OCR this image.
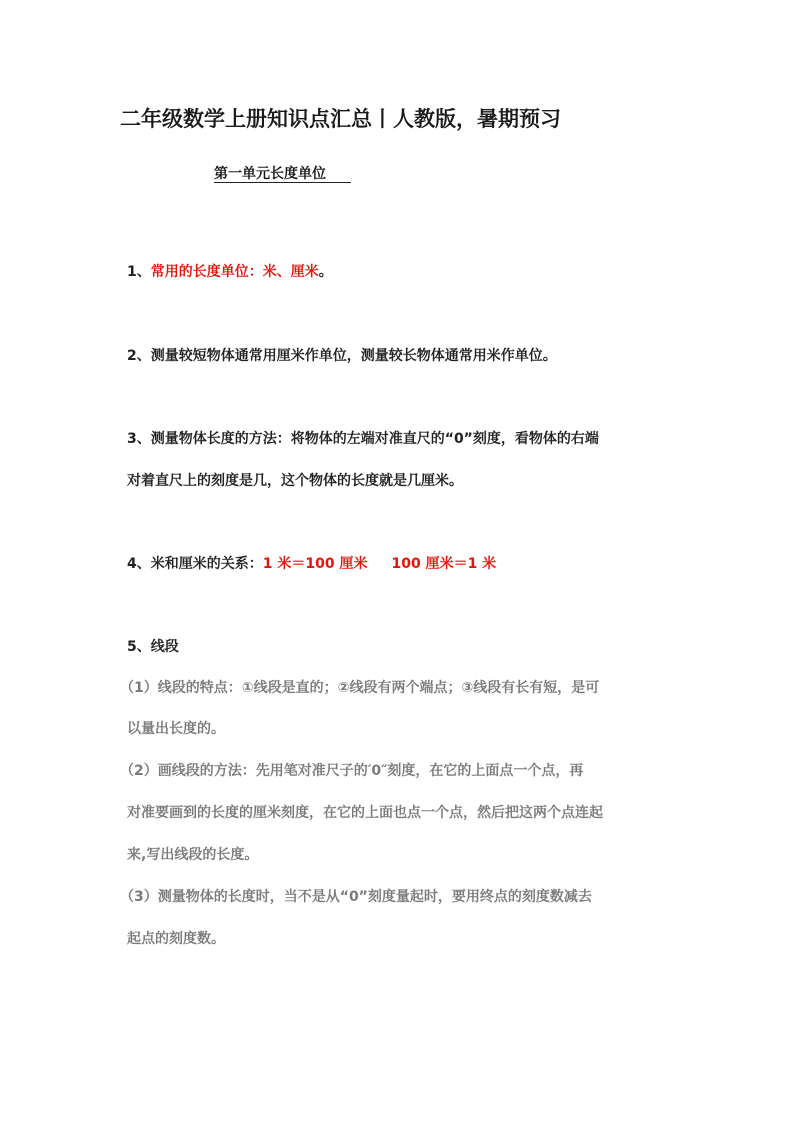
二年级数学上册知识点汇总丨人教版，暑期预习
第一单元长度单位
1、常用的长度单位：米、厘米。
2、测量较短物体通常用厘米作单位，测量较长物体通常用米作单位。
3、测量物体长度的方法：将物体的左端对准直尺的“0”刻度，看物体的右端
对着直尺上的刻度是几，这个物体的长度就是几厘米。
4、米和厘米的关系：1 米＝100 厘米 100 厘米＝1 米
5、线段
（1）线段的特点：①线段是直的；②线段有两个端点；③线段有长有短，是可
以量出长度的。
（2）画线段的方法：先用笔对准尺子的′0″刻度，在它的上面点一个点，再
对准要画到的长度的厘米刻度，在它的上面也点一个点，然后把这两个点连起
来,写出线段的长度。
（3）测量物体的长度时，当不是从“0”刻度量起时，要用终点的刻度数减去
起点的刻度数。
